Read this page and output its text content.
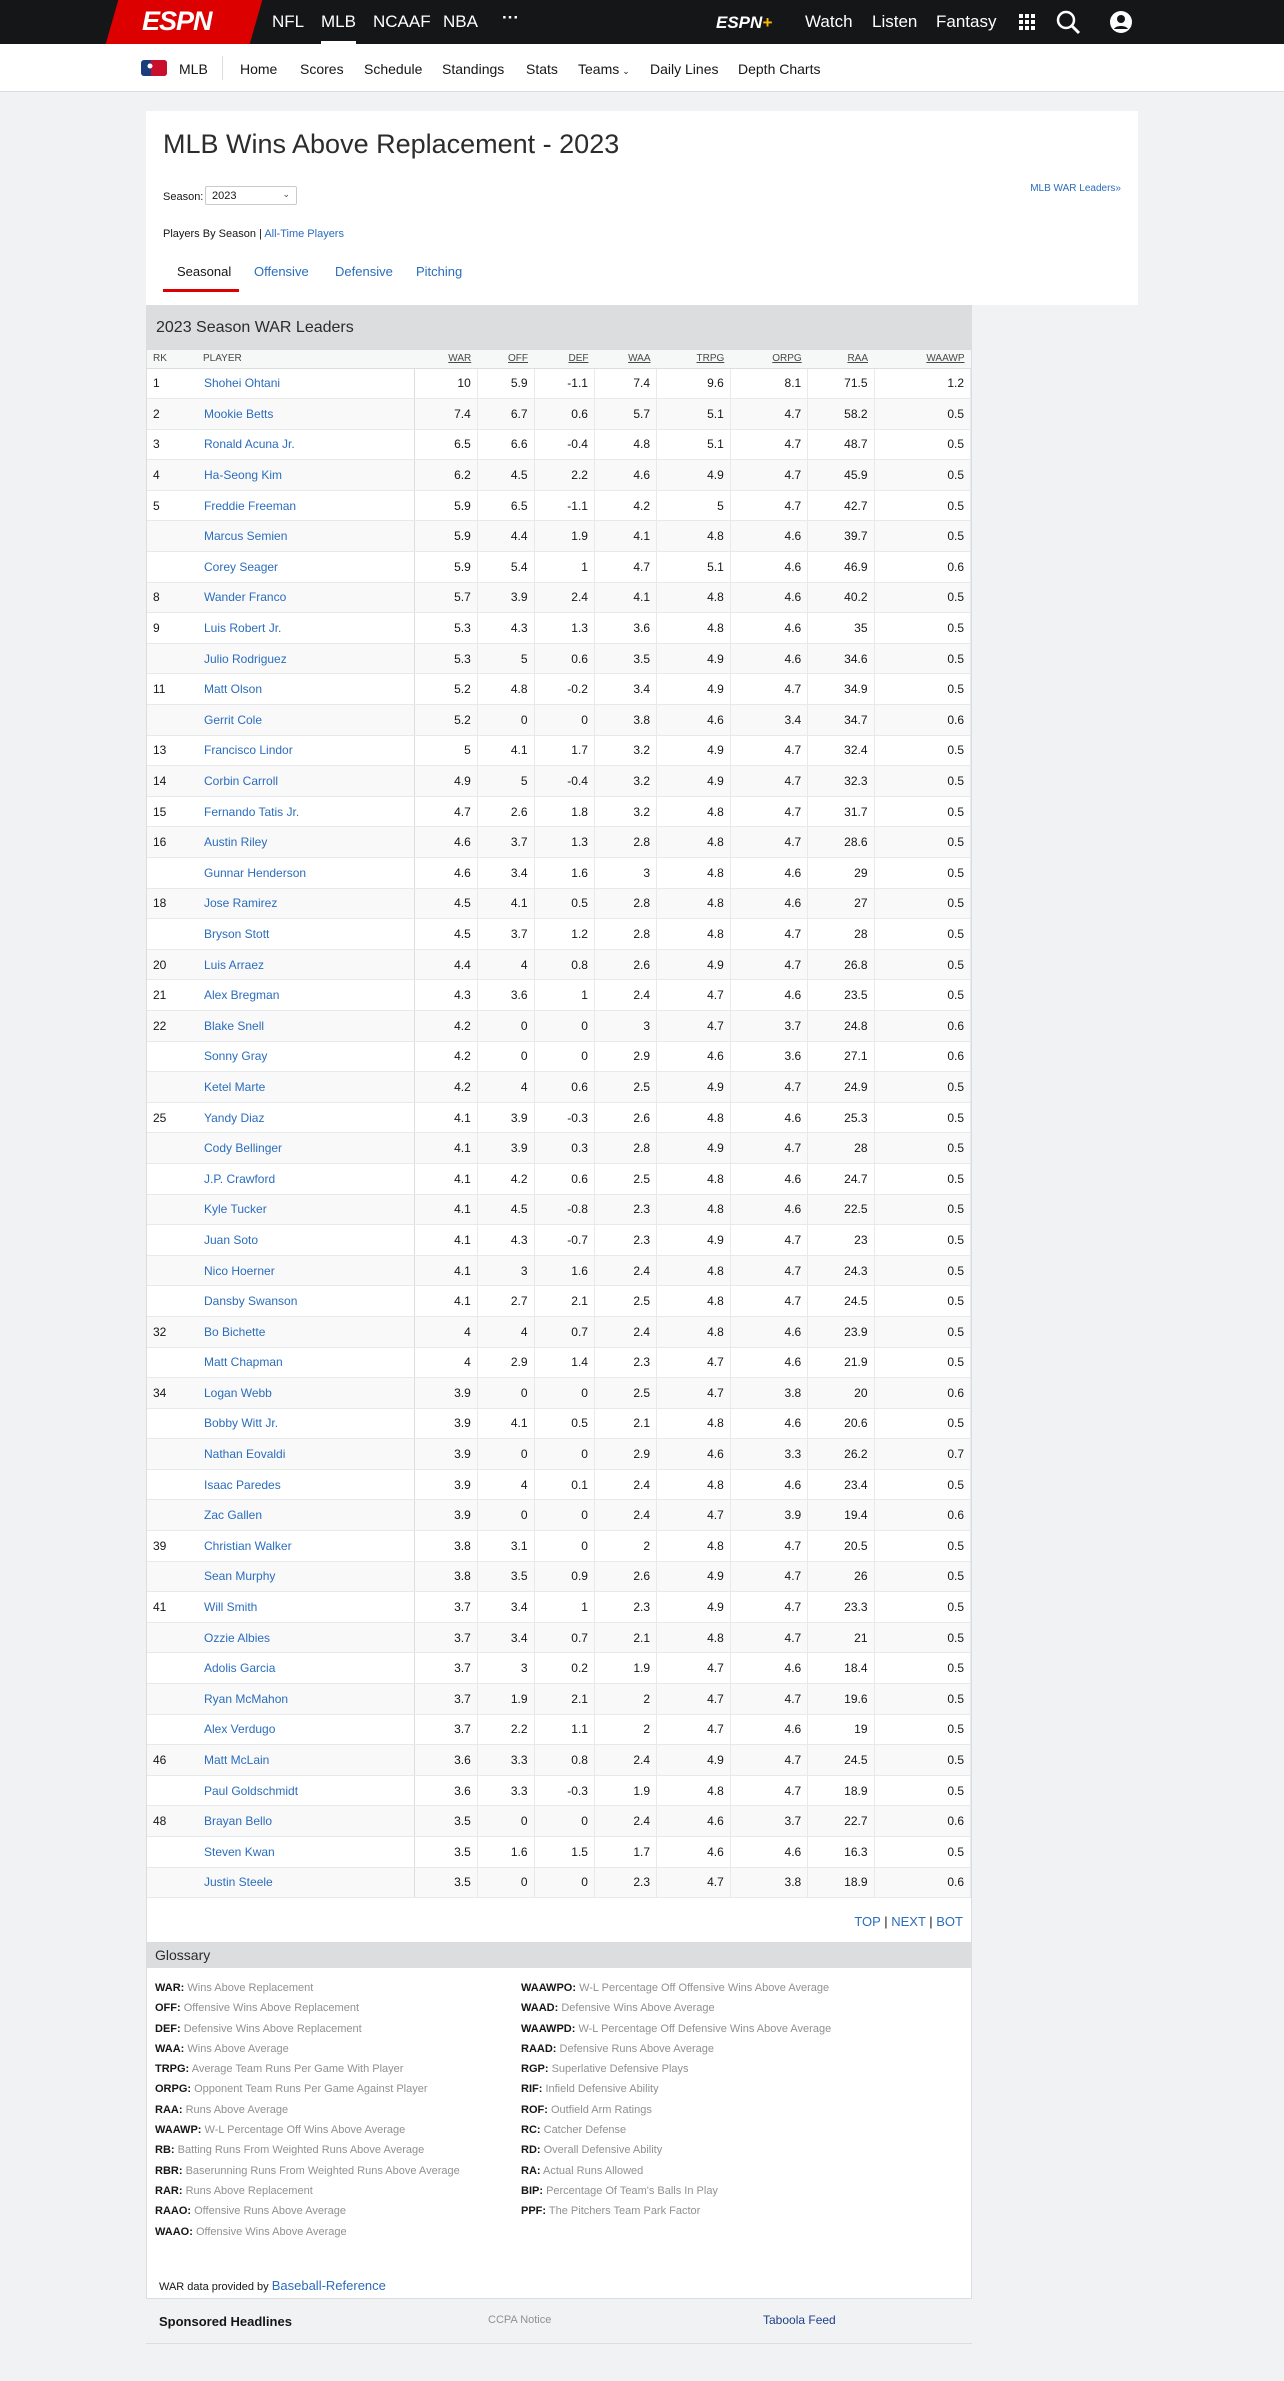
ESPN	NFL MLB NCAAF NBA ···	ESPN+ Watch Listen Fantasy
MLB Home Scores Schedule Standings Stats Teams ⌄ Daily Lines Depth Charts
MLB Wins Above Replacement - 2023
Season: 2023	⌄	MLB WAR Leaders»
Players By Season | All-Time Players
Seasonal Offensive Defensive Pitching
2023 Season WAR Leaders
RK	PLAYER	WAR	OFF	DEF	WAA	TRPG	ORPG	RAA	WAAWP
1	Shohei Ohtani	10	5.9	-1.1	7.4	9.6	8.1	71.5	1.2
2	Mookie Betts	7.4	6.7	0.6	5.7	5.1	4.7	58.2	0.5
3	Ronald Acuna Jr.	6.5	6.6	-0.4	4.8	5.1	4.7	48.7	0.5
4	Ha-Seong Kim	6.2	4.5	2.2	4.6	4.9	4.7	45.9	0.5
5	Freddie Freeman	5.9	6.5	-1.1	4.2	5	4.7	42.7	0.5
	Marcus Semien	5.9	4.4	1.9	4.1	4.8	4.6	39.7	0.5
	Corey Seager	5.9	5.4	1	4.7	5.1	4.6	46.9	0.6
8	Wander Franco	5.7	3.9	2.4	4.1	4.8	4.6	40.2	0.5
9	Luis Robert Jr.	5.3	4.3	1.3	3.6	4.8	4.6	35	0.5
	Julio Rodriguez	5.3	5	0.6	3.5	4.9	4.6	34.6	0.5
11	Matt Olson	5.2	4.8	-0.2	3.4	4.9	4.7	34.9	0.5
	Gerrit Cole	5.2	0	0	3.8	4.6	3.4	34.7	0.6
13	Francisco Lindor	5	4.1	1.7	3.2	4.9	4.7	32.4	0.5
14	Corbin Carroll	4.9	5	-0.4	3.2	4.9	4.7	32.3	0.5
15	Fernando Tatis Jr.	4.7	2.6	1.8	3.2	4.8	4.7	31.7	0.5
16	Austin Riley	4.6	3.7	1.3	2.8	4.8	4.7	28.6	0.5
	Gunnar Henderson	4.6	3.4	1.6	3	4.8	4.6	29	0.5
18	Jose Ramirez	4.5	4.1	0.5	2.8	4.8	4.6	27	0.5
	Bryson Stott	4.5	3.7	1.2	2.8	4.8	4.7	28	0.5
20	Luis Arraez	4.4	4	0.8	2.6	4.9	4.7	26.8	0.5
21	Alex Bregman	4.3	3.6	1	2.4	4.7	4.6	23.5	0.5
22	Blake Snell	4.2	0	0	3	4.7	3.7	24.8	0.6
	Sonny Gray	4.2	0	0	2.9	4.6	3.6	27.1	0.6
	Ketel Marte	4.2	4	0.6	2.5	4.9	4.7	24.9	0.5
25	Yandy Diaz	4.1	3.9	-0.3	2.6	4.8	4.6	25.3	0.5
	Cody Bellinger	4.1	3.9	0.3	2.8	4.9	4.7	28	0.5
	J.P. Crawford	4.1	4.2	0.6	2.5	4.8	4.6	24.7	0.5
	Kyle Tucker	4.1	4.5	-0.8	2.3	4.8	4.6	22.5	0.5
	Juan Soto	4.1	4.3	-0.7	2.3	4.9	4.7	23	0.5
	Nico Hoerner	4.1	3	1.6	2.4	4.8	4.7	24.3	0.5
	Dansby Swanson	4.1	2.7	2.1	2.5	4.8	4.7	24.5	0.5
32	Bo Bichette	4	4	0.7	2.4	4.8	4.6	23.9	0.5
	Matt Chapman	4	2.9	1.4	2.3	4.7	4.6	21.9	0.5
34	Logan Webb	3.9	0	0	2.5	4.7	3.8	20	0.6
	Bobby Witt Jr.	3.9	4.1	0.5	2.1	4.8	4.6	20.6	0.5
	Nathan Eovaldi	3.9	0	0	2.9	4.6	3.3	26.2	0.7
	Isaac Paredes	3.9	4	0.1	2.4	4.8	4.6	23.4	0.5
	Zac Gallen	3.9	0	0	2.4	4.7	3.9	19.4	0.6
39	Christian Walker	3.8	3.1	0	2	4.8	4.7	20.5	0.5
	Sean Murphy	3.8	3.5	0.9	2.6	4.9	4.7	26	0.5
41	Will Smith	3.7	3.4	1	2.3	4.9	4.7	23.3	0.5
	Ozzie Albies	3.7	3.4	0.7	2.1	4.8	4.7	21	0.5
	Adolis Garcia	3.7	3	0.2	1.9	4.7	4.6	18.4	0.5
	Ryan McMahon	3.7	1.9	2.1	2	4.7	4.7	19.6	0.5
	Alex Verdugo	3.7	2.2	1.1	2	4.7	4.6	19	0.5
46	Matt McLain	3.6	3.3	0.8	2.4	4.9	4.7	24.5	0.5
	Paul Goldschmidt	3.6	3.3	-0.3	1.9	4.8	4.7	18.9	0.5
48	Brayan Bello	3.5	0	0	2.4	4.6	3.7	22.7	0.6
	Steven Kwan	3.5	1.6	1.5	1.7	4.6	4.6	16.3	0.5
	Justin Steele	3.5	0	0	2.3	4.7	3.8	18.9	0.6
TOP | NEXT | BOT
Glossary
WAR: Wins Above Replacement
OFF: Offensive Wins Above Replacement
DEF: Defensive Wins Above Replacement
WAA: Wins Above Average
TRPG: Average Team Runs Per Game With Player
ORPG: Opponent Team Runs Per Game Against Player
RAA: Runs Above Average
WAAWP: W-L Percentage Off Wins Above Average
RB: Batting Runs From Weighted Runs Above Average
RBR: Baserunning Runs From Weighted Runs Above Average
RAR: Runs Above Replacement
RAAO: Offensive Runs Above Average
WAAO: Offensive Wins Above Average
WAAWPO: W-L Percentage Off Offensive Wins Above Average
WAAD: Defensive Wins Above Average
WAAWPD: W-L Percentage Off Defensive Wins Above Average
RAAD: Defensive Runs Above Average
RGP: Superlative Defensive Plays
RIF: Infield Defensive Ability
ROF: Outfield Arm Ratings
RC: Catcher Defense
RD: Overall Defensive Ability
RA: Actual Runs Allowed
BIP: Percentage Of Team's Balls In Play
PPF: The Pitchers Team Park Factor
WAR data provided by Baseball-Reference
Sponsored Headlines	CCPA Notice	Taboola Feed
